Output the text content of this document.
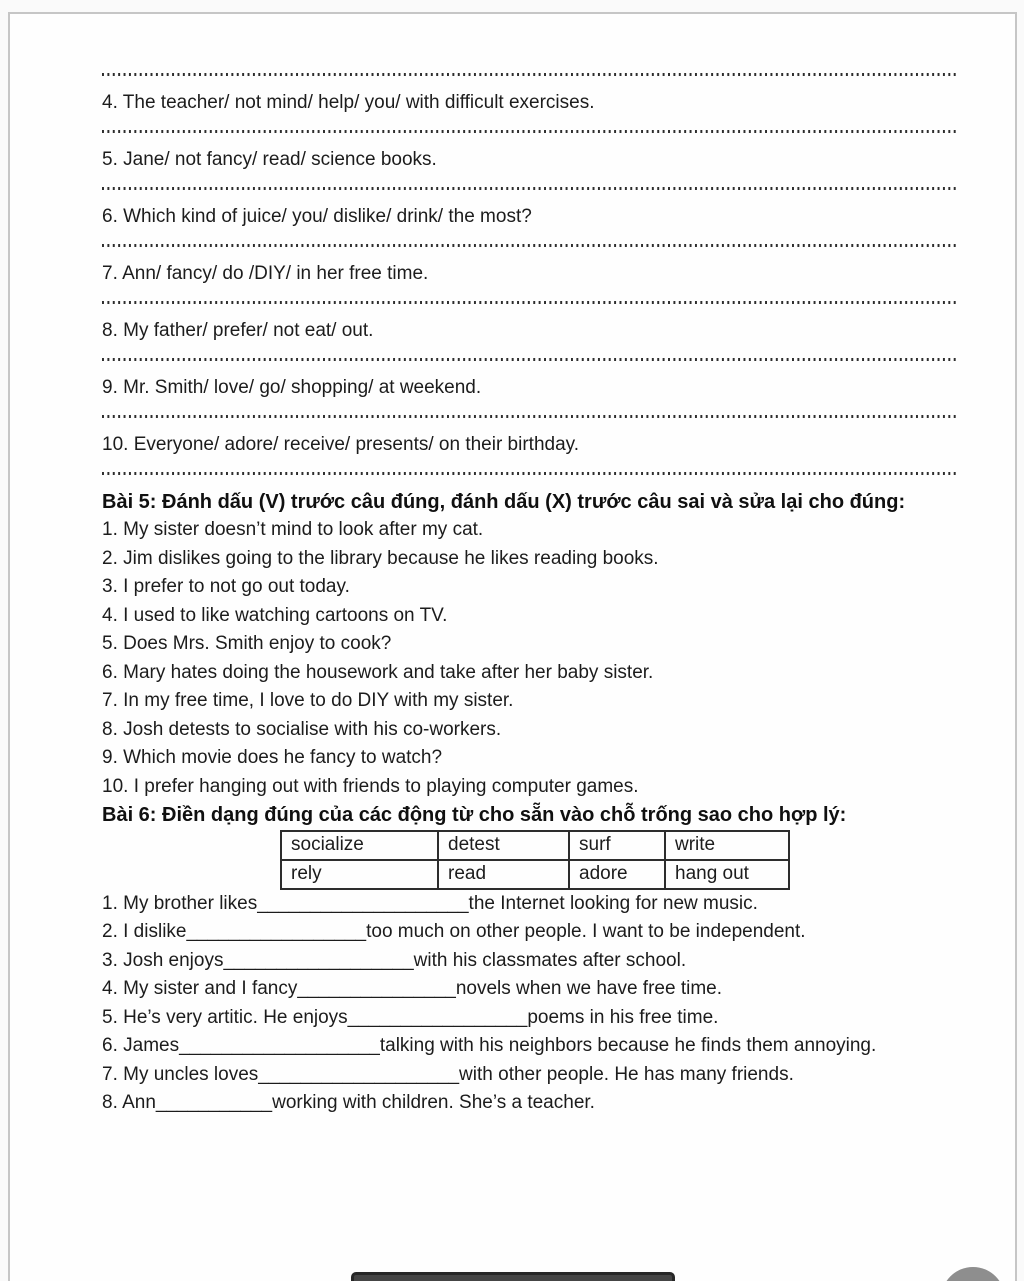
4. The teacher/ not mind/ help/ you/ with difficult exercises.
5. Jane/ not fancy/ read/ science books.
6. Which kind of juice/ you/ dislike/ drink/ the most?
7. Ann/ fancy/ do /DIY/ in her free time.
8. My father/ prefer/ not eat/ out.
9. Mr. Smith/ love/ go/ shopping/ at weekend.
10. Everyone/ adore/ receive/ presents/ on their birthday.
Bài 5: Đánh dấu (V) trước câu đúng, đánh dấu (X) trước câu sai và sửa lại cho đúng:
1. My sister doesn’t mind to look after my cat.
2. Jim dislikes going to the library because he likes reading books.
3. I prefer to not go out today.
4. I used to like watching cartoons on TV.
5. Does Mrs. Smith enjoy to cook?
6. Mary hates doing the housework and take after her baby sister.
7. In my free time, I love to do DIY with my sister.
8. Josh detests to socialise with his co-workers.
9. Which movie does he fancy to watch?
10. I prefer hanging out with friends to playing computer games.
Bài 6: Điền dạng đúng của các động từ cho sẵn vào chỗ trống sao cho hợp lý:
socialize	detest	surf	write
rely	read	adore	hang out
1. My brother likes____________________the Internet looking for new music.
2. I dislike_________________too much on other people. I want to be independent.
3. Josh enjoys__________________with his classmates after school.
4. My sister and I fancy_______________novels when we have free time.
5. He’s very artitic. He enjoys_________________poems in his free time.
6. James___________________talking with his neighbors because he finds them annoying.
7. My uncles loves___________________with other people. He has many friends.
8. Ann___________working with children. She’s a teacher.
